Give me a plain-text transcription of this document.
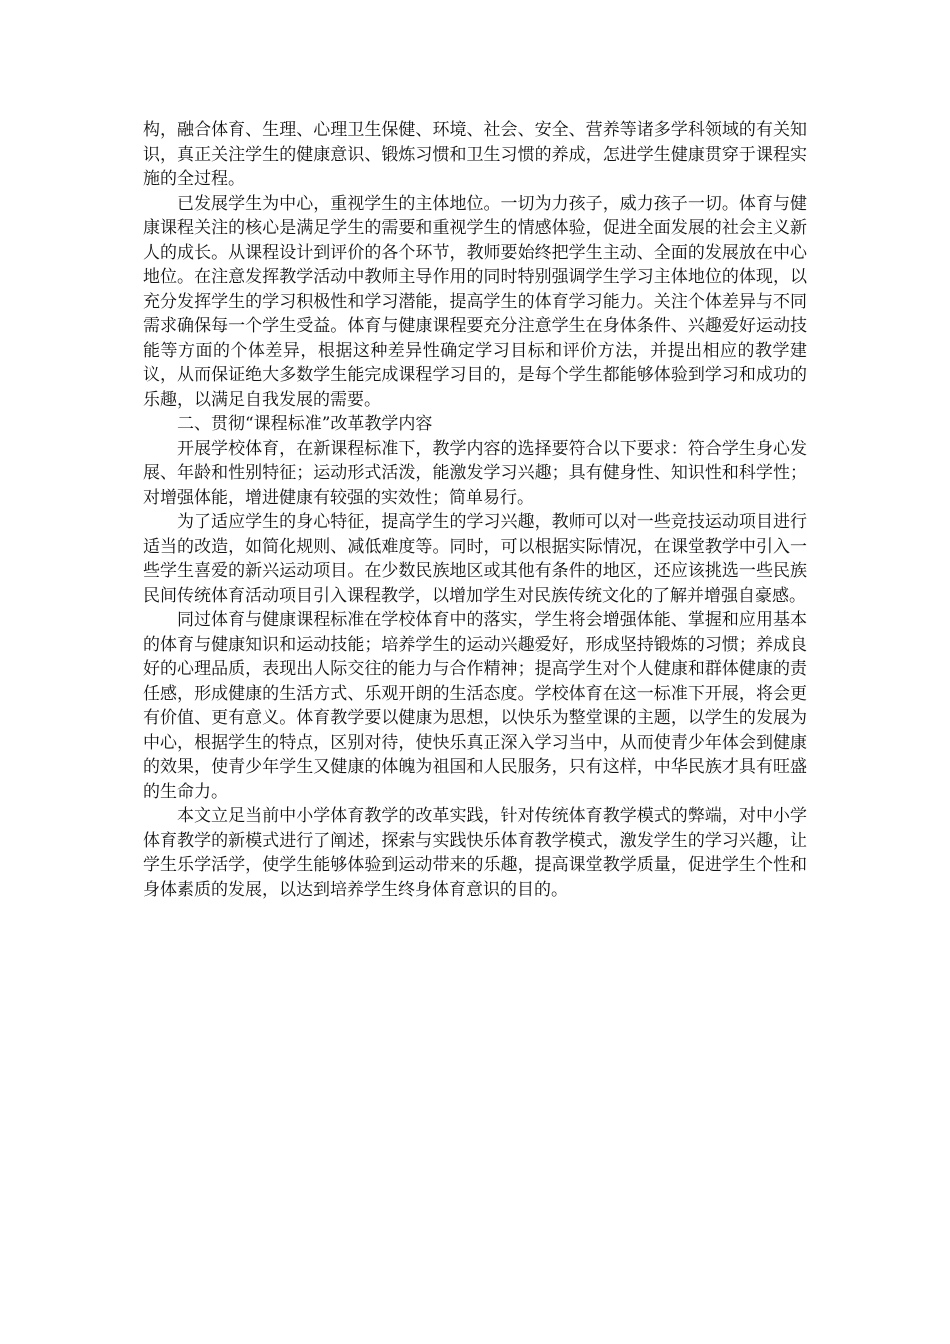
构，融合体育、生理、心理卫生保健、环境、社会、安全、营养等诸多学科领域的有关知识，真正关注学生的健康意识、锻炼习惯和卫生习惯的养成，怎进学生健康贯穿于课程实施的全过程。

已发展学生为中心，重视学生的主体地位。一切为力孩子，威力孩子一切。体育与健康课程关注的核心是满足学生的需要和重视学生的情感体验，促进全面发展的社会主义新人的成长。从课程设计到评价的各个环节，教师要始终把学生主动、全面的发展放在中心地位。在注意发挥教学活动中教师主导作用的同时特别强调学生学习主体地位的体现，以充分发挥学生的学习积极性和学习潜能，提高学生的体育学习能力。关注个体差异与不同需求确保每一个学生受益。体育与健康课程要充分注意学生在身体条件、兴趣爱好运动技能等方面的个体差异，根据这种差异性确定学习目标和评价方法，并提出相应的教学建议，从而保证绝大多数学生能完成课程学习目的，是每个学生都能够体验到学习和成功的乐趣，以满足自我发展的需要。

二、贯彻“课程标准”改革教学内容

开展学校体育，在新课程标准下，教学内容的选择要符合以下要求：符合学生身心发展、年龄和性别特征；运动形式活泼，能激发学习兴趣；具有健身性、知识性和科学性；对增强体能，增进健康有较强的实效性；简单易行。

为了适应学生的身心特征，提高学生的学习兴趣，教师可以对一些竞技运动项目进行适当的改造，如简化规则、减低难度等。同时，可以根据实际情况，在课堂教学中引入一些学生喜爱的新兴运动项目。在少数民族地区或其他有条件的地区，还应该挑选一些民族民间传统体育活动项目引入课程教学，以增加学生对民族传统文化的了解并增强自豪感。

同过体育与健康课程标准在学校体育中的落实，学生将会增强体能、掌握和应用基本的体育与健康知识和运动技能；培养学生的运动兴趣爱好，形成坚持锻炼的习惯；养成良好的心理品质，表现出人际交往的能力与合作精神；提高学生对个人健康和群体健康的责任感，形成健康的生活方式、乐观开朗的生活态度。学校体育在这一标准下开展，将会更有价值、更有意义。体育教学要以健康为思想，以快乐为整堂课的主题，以学生的发展为中心，根据学生的特点，区别对待，使快乐真正深入学习当中，从而使青少年体会到健康的效果，使青少年学生又健康的体魄为祖国和人民服务，只有这样，中华民族才具有旺盛的生命力。

本文立足当前中小学体育教学的改革实践，针对传统体育教学模式的弊端，对中小学体育教学的新模式进行了阐述，探索与实践快乐体育教学模式，激发学生的学习兴趣，让学生乐学活学，使学生能够体验到运动带来的乐趣，提高课堂教学质量，促进学生个性和身体素质的发展，以达到培养学生终身体育意识的目的。
